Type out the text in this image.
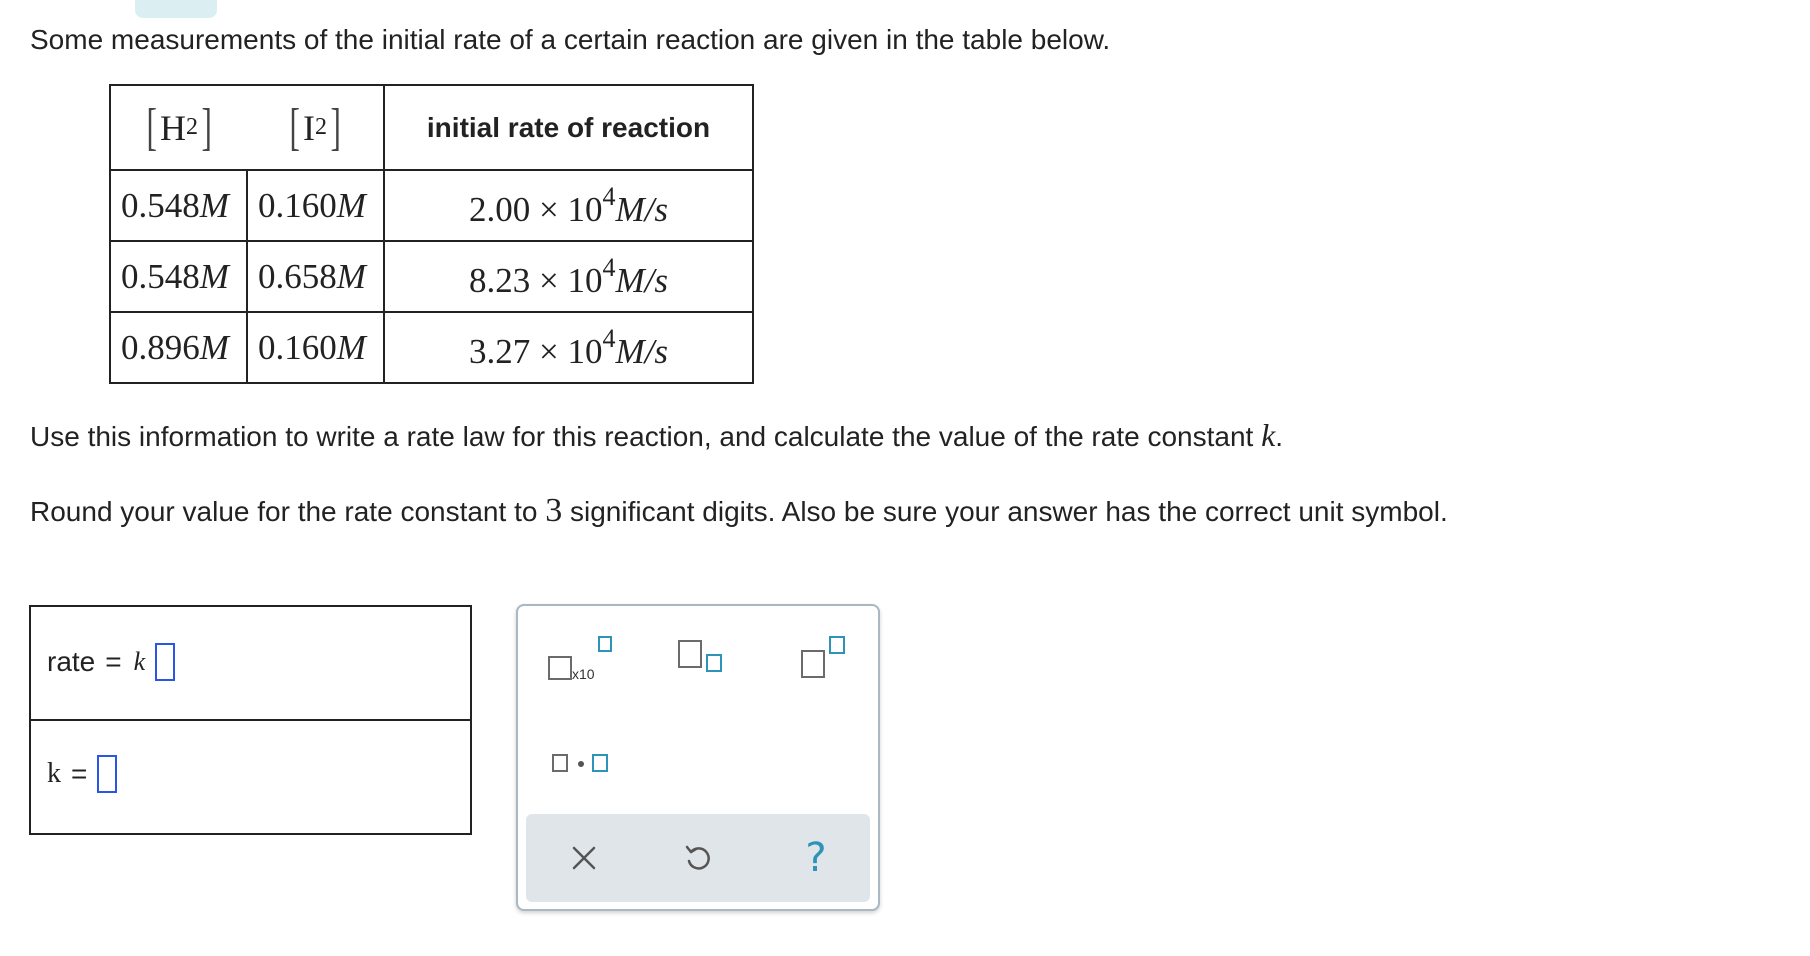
Some measurements of the initial rate of a certain reaction are given in the table below.
[ H 2 ]	[ I 2 ]	initial rate of reaction
0.548M	0.160M	$2.00 \times 10^4M/s$
0.548M	0.658M	$8.23 \times 10^4M/s$
0.896M	0.160M	$3.27 \times 10^4M/s$
Use this information to write a rate law for this reaction, and calculate the value of the rate constant k.
Round your value for the rate constant to 3 significant digits. Also be sure your answer has the correct unit symbol.
rate = k
k =
x10
?
